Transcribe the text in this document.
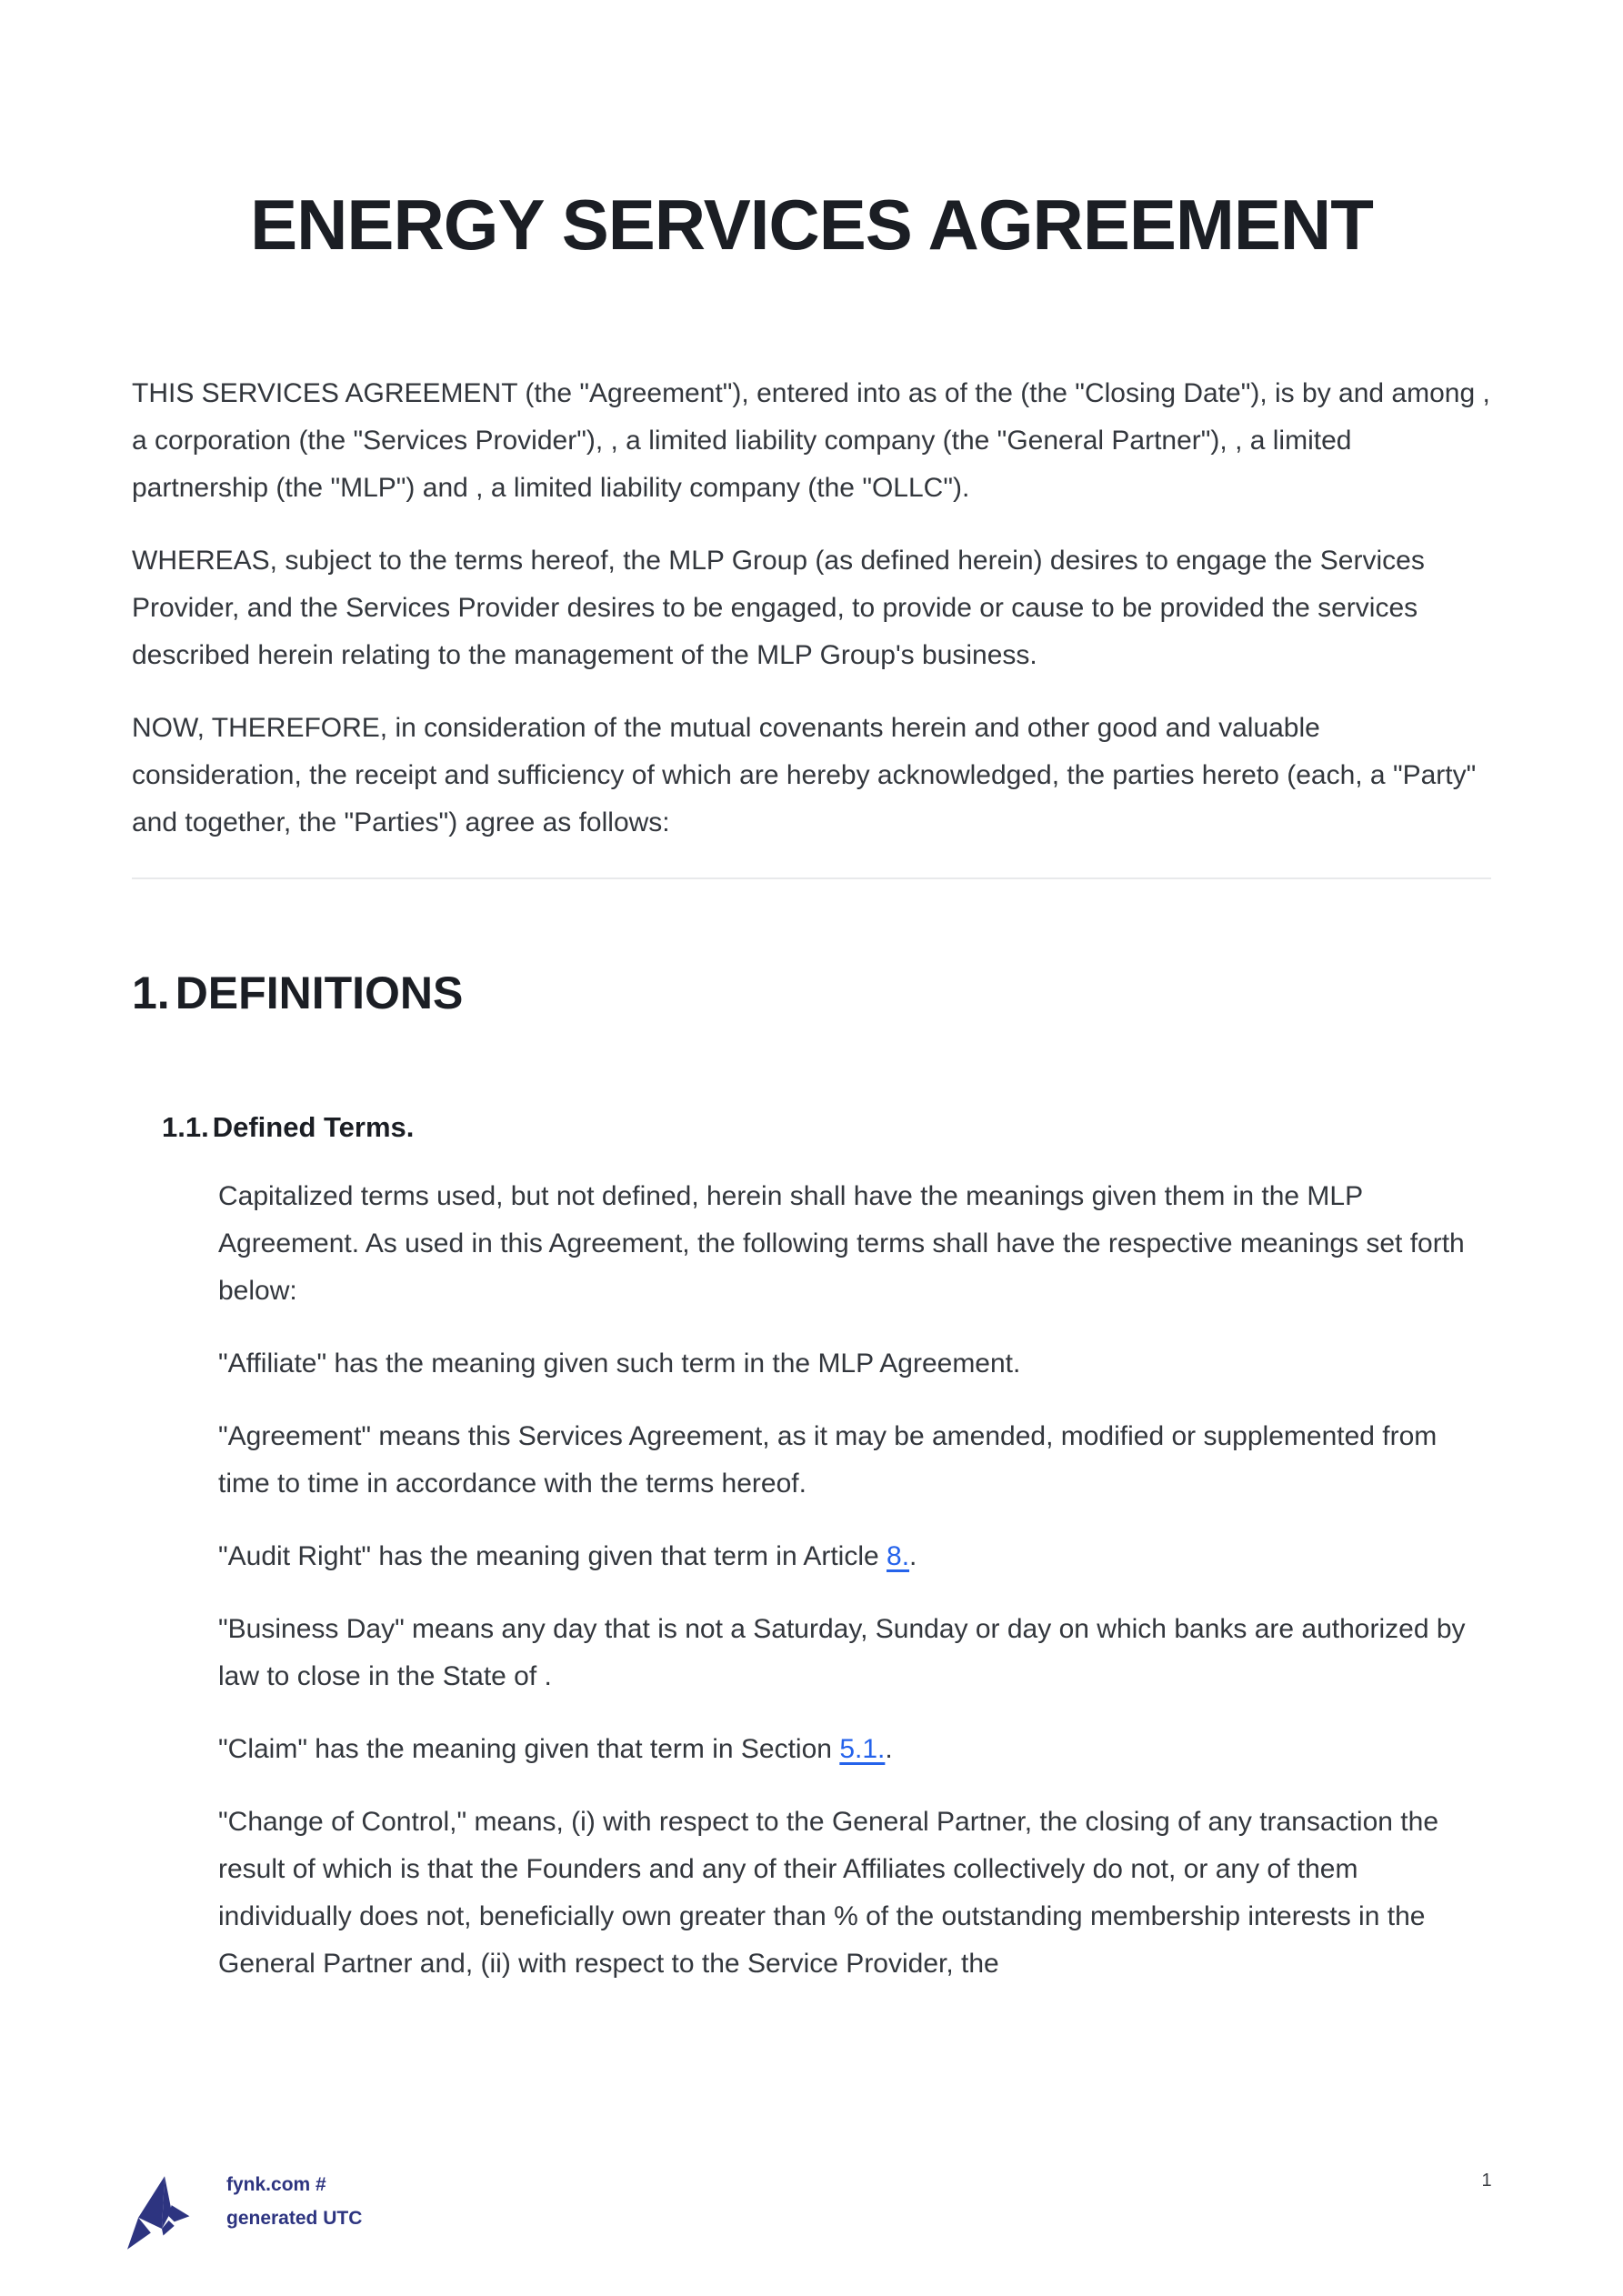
ENERGY SERVICES AGREEMENT

THIS SERVICES AGREEMENT (the "Agreement"), entered into as of the (the "Closing Date"), is by and among , a corporation (the "Services Provider"), , a limited liability company (the "General Partner"), , a limited partnership (the "MLP") and , a limited liability company (the "OLLC").

WHEREAS, subject to the terms hereof, the MLP Group (as defined herein) desires to engage the Services Provider, and the Services Provider desires to be engaged, to provide or cause to be provided the services described herein relating to the management of the MLP Group's business.

NOW, THEREFORE, in consideration of the mutual covenants herein and other good and valuable consideration, the receipt and sufficiency of which are hereby acknowledged, the parties hereto (each, a "Party" and together, the "Parties") agree as follows:

1. DEFINITIONS
1.1. Defined Terms.

Capitalized terms used, but not defined, herein shall have the meanings given them in the MLP Agreement. As used in this Agreement, the following terms shall have the respective meanings set forth below:

"Affiliate" has the meaning given such term in the MLP Agreement.

"Agreement" means this Services Agreement, as it may be amended, modified or supplemented from time to time in accordance with the terms hereof.

"Audit Right" has the meaning given that term in Article 8..

"Business Day" means any day that is not a Saturday, Sunday or day on which banks are authorized by law to close in the State of .

"Claim" has the meaning given that term in Section 5.1..

"Change of Control," means, (i) with respect to the General Partner, the closing of any transaction the result of which is that the Founders and any of their Affiliates collectively do not, or any of them individually does not, beneficially own greater than % of the outstanding membership interests in the General Partner and, (ii) with respect to the Service Provider, the

fynk.com #
generated UTC
1
